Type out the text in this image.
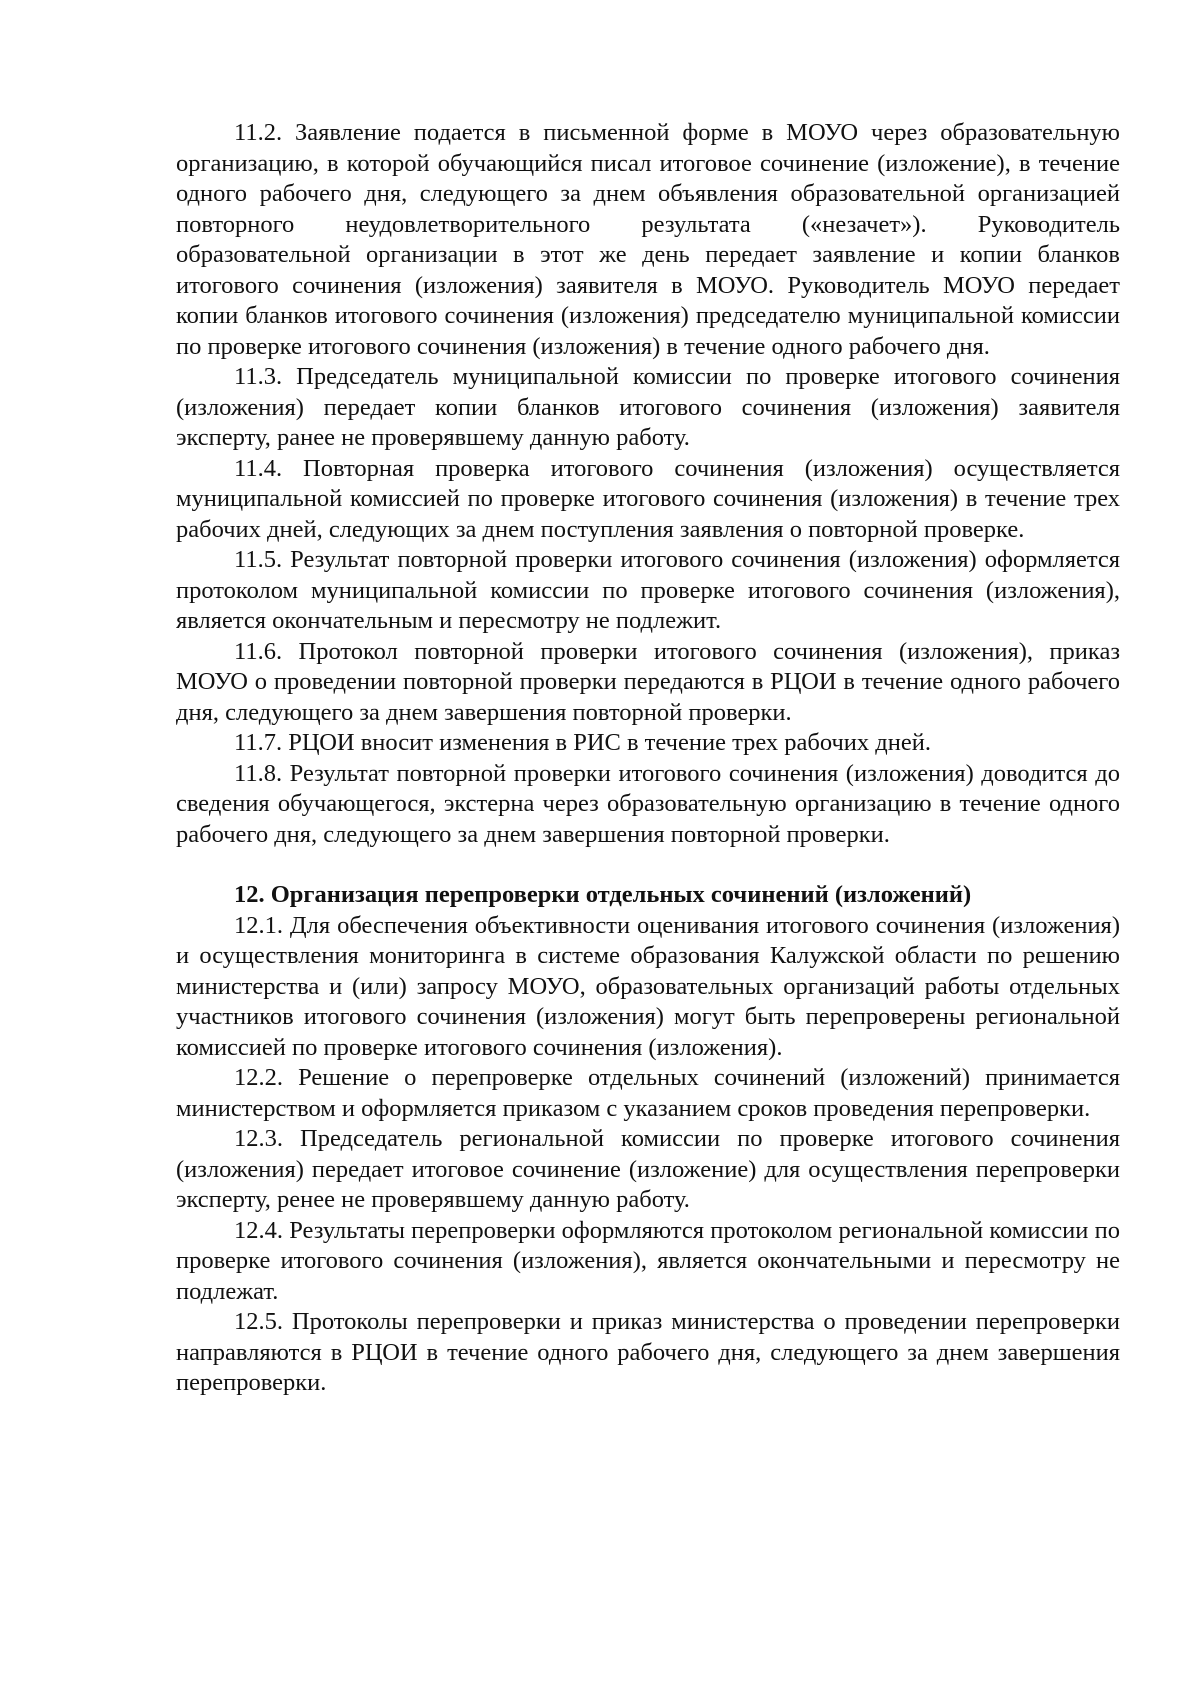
11.2. Заявление подается в письменной форме в МОУО через образовательную организацию, в которой обучающийся писал итоговое сочинение (изложение), в течение одного рабочего дня, следующего за днем объявления образовательной организацией повторного неудовлетворительного результата («незачет»). Руководитель образовательной организации в этот же день передает заявление и копии бланков итогового сочинения (изложения) заявителя в МОУО. Руководитель МОУО передает копии бланков итогового сочинения (изложения) председателю муниципальной комиссии по проверке итогового сочинения (изложения) в течение одного рабочего дня.

11.3. Председатель муниципальной комиссии по проверке итогового сочинения (изложения) передает копии бланков итогового сочинения (изложения) заявителя эксперту, ранее не проверявшему данную работу.

11.4. Повторная проверка итогового сочинения (изложения) осуществляется муниципальной комиссией по проверке итогового сочинения (изложения) в течение трех рабочих дней, следующих за днем поступления заявления о повторной проверке.

11.5. Результат повторной проверки итогового сочинения (изложения) оформляется протоколом муниципальной комиссии по проверке итогового сочинения (изложения), является окончательным и пересмотру не подлежит.

11.6. Протокол повторной проверки итогового сочинения (изложения), приказ МОУО о проведении повторной проверки передаются в РЦОИ в течение одного рабочего дня, следующего за днем завершения повторной проверки.

11.7. РЦОИ вносит изменения в РИС в течение трех рабочих дней.

11.8. Результат повторной проверки итогового сочинения (изложения) доводится до сведения обучающегося, экстерна через образовательную организацию в течение одного рабочего дня, следующего за днем завершения повторной проверки.

12. Организация перепроверки отдельных сочинений (изложений)

12.1. Для обеспечения объективности оценивания итогового сочинения (изложения) и осуществления мониторинга в системе образования Калужской области по решению министерства и (или) запросу МОУО, образовательных организаций работы отдельных участников итогового сочинения (изложения) могут быть перепроверены региональной комиссией по проверке итогового сочинения (изложения).

12.2. Решение о перепроверке отдельных сочинений (изложений) принимается министерством и оформляется приказом с указанием сроков проведения перепроверки.

12.3. Председатель региональной комиссии по проверке итогового сочинения (изложения) передает итоговое сочинение (изложение) для осуществления перепроверки эксперту, ренее не проверявшему данную работу.

12.4. Результаты перепроверки оформляются протоколом региональной комиссии по проверке итогового сочинения (изложения), является окончательными и пересмотру не подлежат.

12.5. Протоколы перепроверки и приказ министерства о проведении перепроверки направляются в РЦОИ в течение одного рабочего дня, следующего за днем завершения перепроверки.
